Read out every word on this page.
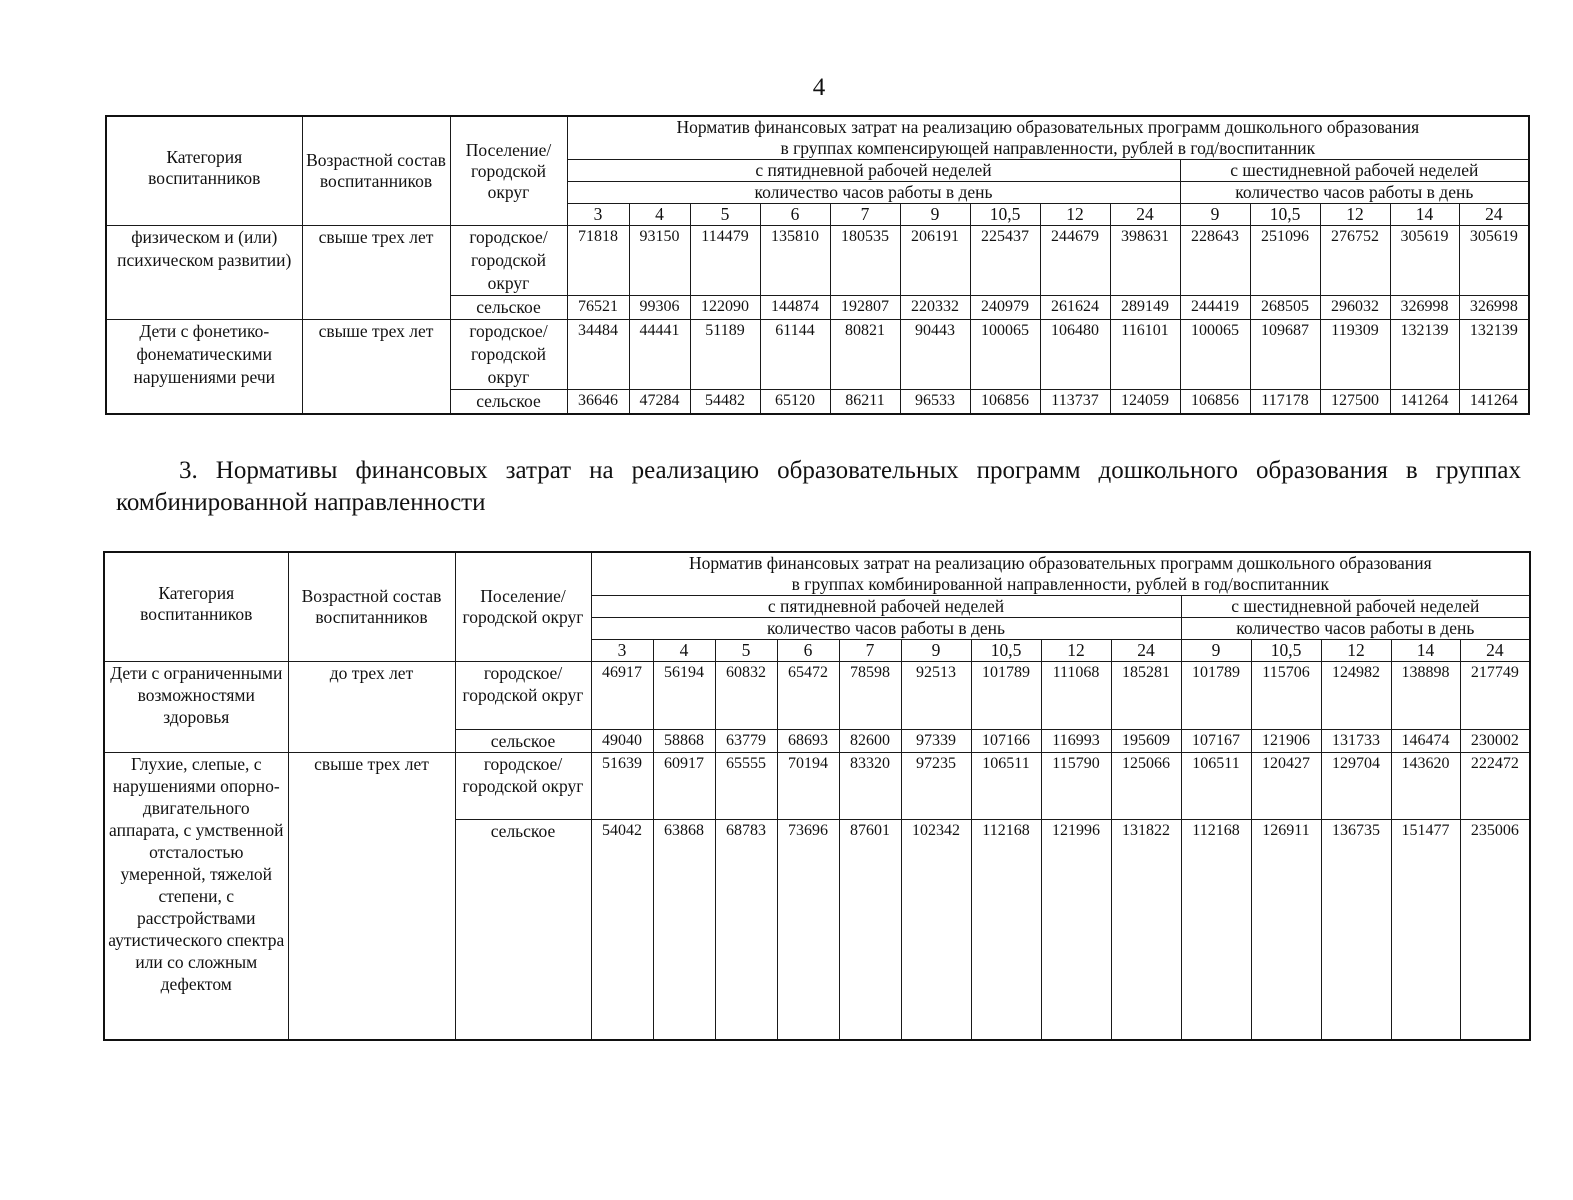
4
Категория воспитанников	Возрастной состав воспитанников	Поселение/ городской округ	Норматив финансовых затрат на реализацию образовательных программ дошкольного образования
в группах компенсирующей направленности, рублей в год/воспитанник													

			с пятидневной рабочей неделей									с шестидневной рабочей неделей				
			количество часов работы в день									количество часов работы в день				
			3	4	5	6	7	9	10,5	12	24	9	10,5	12	14	24

физическом и (или) психическом развитии)	свыше трех лет	городское/ городской округ	71818	93150	114479	135810	180535	206191	225437	244679	398631	228643	251096	276752	305619	305619
		сельское	76521	99306	122090	144874	192807	220332	240979	261624	289149	244419	268505	296032	326998	326998
Дети с фонетико-фонематическими нарушениями речи	свыше трех лет	городское/ городской округ	34484	44441	51189	61144	80821	90443	100065	106480	116101	100065	109687	119309	132139	132139
		сельское	36646	47284	54482	65120	86211	96533	106856	113737	124059	106856	117178	127500	141264	141264
3. Нормативы финансовых затрат на реализацию образовательных программ дошкольного образования в группах комбинированной направленности
Категория воспитанников	Возрастной состав воспитанников	Поселение/ городской округ	Норматив финансовых затрат на реализацию образовательных программ дошкольного образования
в группах комбинированной направленности, рублей в год/воспитанник													

			с пятидневной рабочей неделей									с шестидневной рабочей неделей				
			количество часов работы в день									количество часов работы в день				
			3	4	5	6	7	9	10,5	12	24	9	10,5	12	14	24

Дети с ограниченными возможностями здоровья	до трех лет	городское/ городской округ	46917	56194	60832	65472	78598	92513	101789	111068	185281	101789	115706	124982	138898	217749
		сельское	49040	58868	63779	68693	82600	97339	107166	116993	195609	107167	121906	131733	146474	230002
Глухие, слепые, с нарушениями опорно-двигательного аппарата, с умственной отсталостью умеренной, тяжелой степени, с расстройствами аутистического спектра или со сложным дефектом	свыше трех лет	городское/ городской округ	51639	60917	65555	70194	83320	97235	106511	115790	125066	106511	120427	129704	143620	222472
		сельское	54042	63868	68783	73696	87601	102342	112168	121996	131822	112168	126911	136735	151477	235006
